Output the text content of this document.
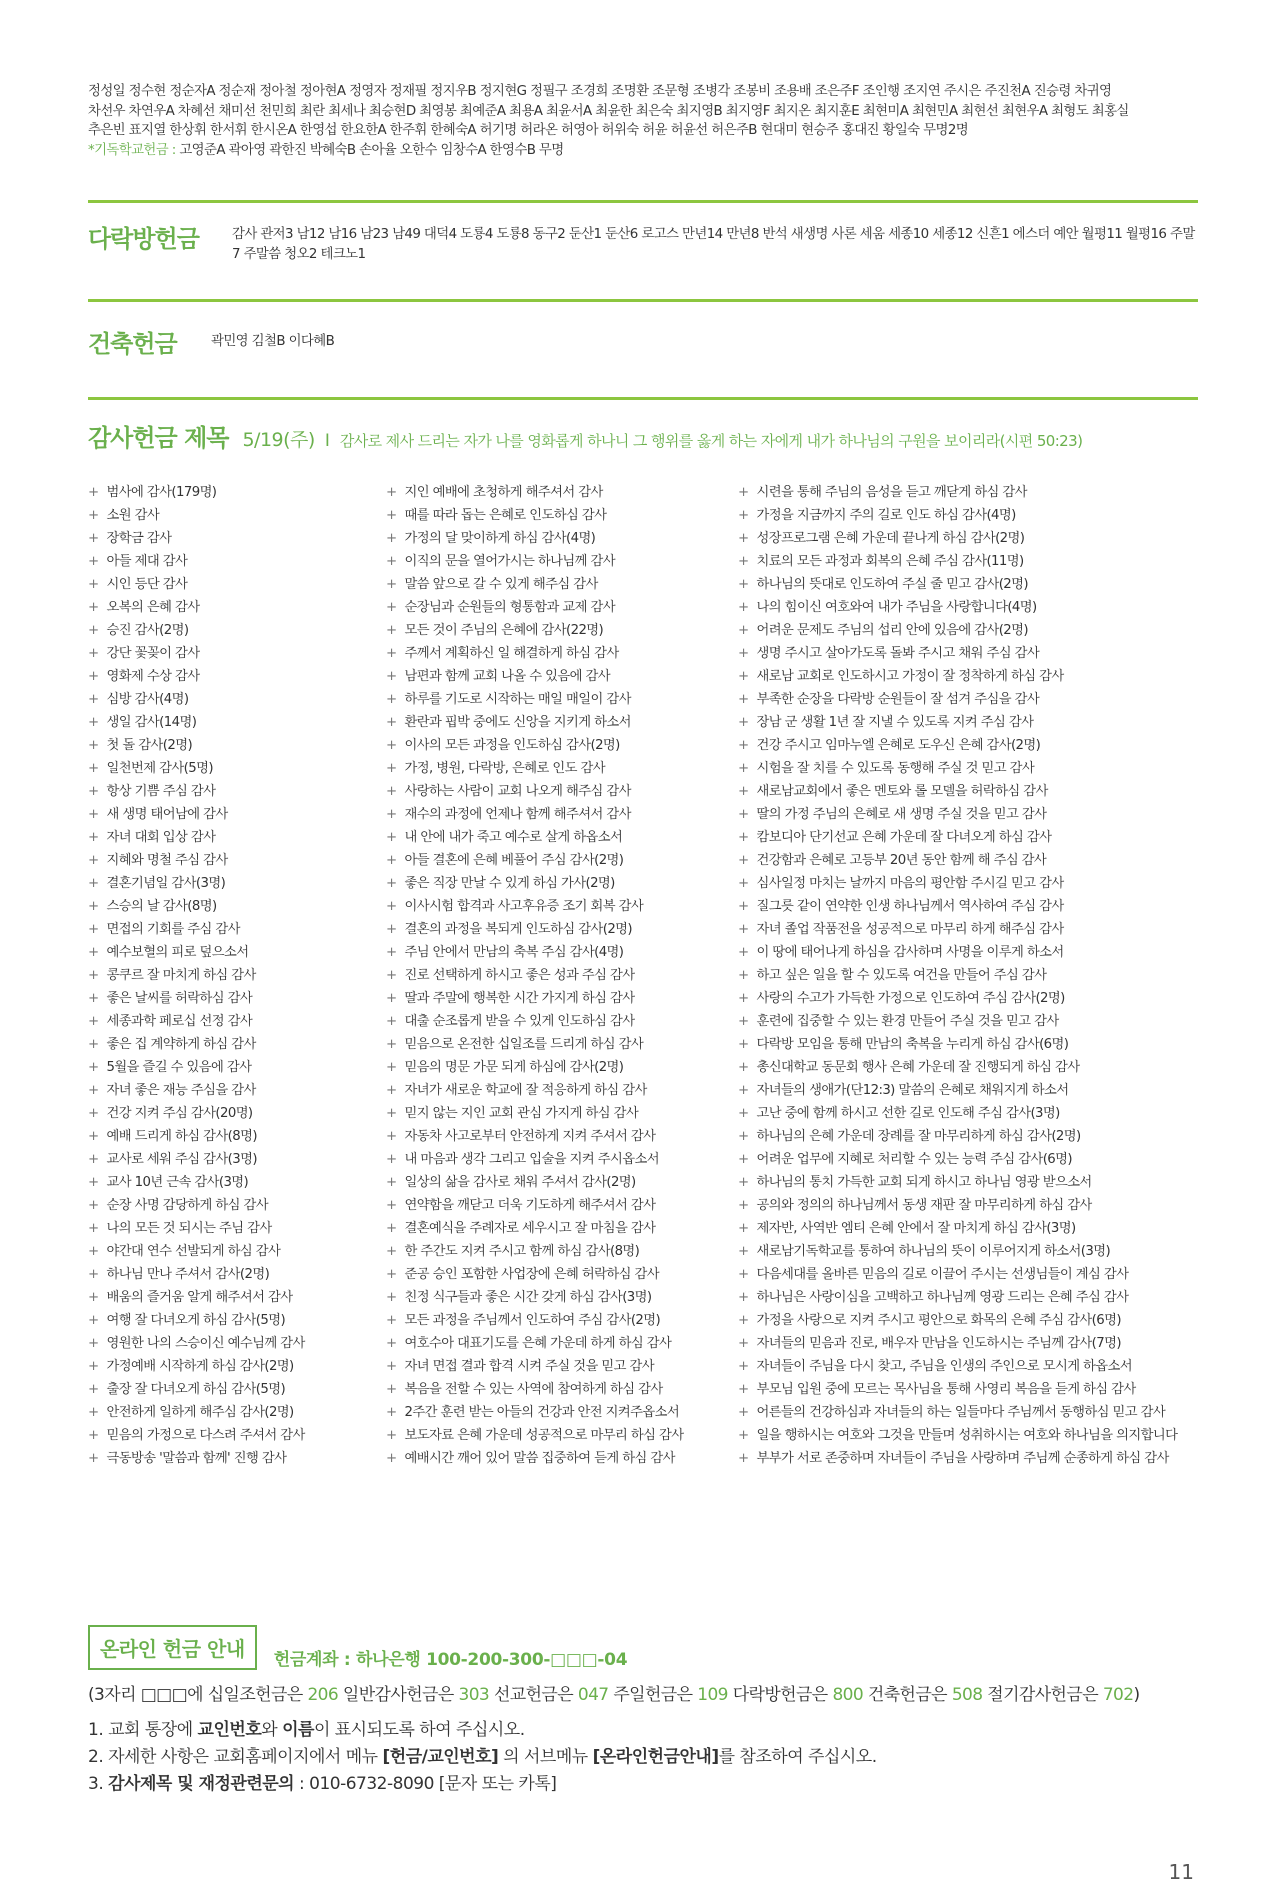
정성일 정수현 정순자A 정순재 정아철 정아현A 정영자 정재필 정지우B 정지현G 정필구 조경희 조명환 조문형 조병각 조봉비 조용배 조은주F 조인행 조지연 주시은 주진천A 진승령 차귀영

차선우 차연우A 차혜선 채미선 천민희 최란 최세나 최승현D 최영봉 최예준A 최용A 최윤서A 최윤한 최은숙 최지영B 최지영F 최지온 최지훈E 최현미A 최현민A 최현선 최현우A 최형도 최홍실

추은빈 표지열 한상휘 한서휘 한시온A 한영섭 한요한A 한주휘 한혜숙A 허기명 허라온 허영아 허위숙 허윤 허윤선 허은주B 현대미 현승주 홍대진 황일숙 무명2명

*기독학교헌금 : 고영준A 곽아영 곽한진 박혜숙B 손아율 오한수 임창수A 한영수B 무명

다락방헌금	감사 관저3 남12 남16 남23 남49 대덕4 도룡4 도룡8 동구2 둔산1 둔산6 로고스 만년14 만년8 반석 새생명 사론 세움 세종10 세종12 신흔1 에스더 예안 월평11 월평16 주말7 주말씀 청오2 테크노1
건축헌금	곽민영 김철B 이다혜B
감사헌금 제목 5/19(주) I 감사로 제사 드리는 자가 나를 영화롭게 하나니 그 행위를 옳게 하는 자에게 내가 하나님의 구원을 보이리라(시편 50:23)
+ 범사에 감사(179명)
+ 소원 감사
+ 장학금 감사
+ 아들 제대 감사
+ 시인 등단 감사
+ 오복의 은혜 감사
+ 승진 감사(2명)
+ 강단 꽃꽂이 감사
+ 영화제 수상 감사
+ 심방 감사(4명)
+ 생일 감사(14명)
+ 첫 돌 감사(2명)
+ 일천번제 감사(5명)
+ 항상 기쁨 주심 감사
+ 새 생명 태어남에 감사
+ 자녀 대회 입상 감사
+ 지혜와 명철 주심 감사
+ 결혼기념일 감사(3명)
+ 스승의 날 감사(8명)
+ 면접의 기회를 주심 감사
+ 예수보혈의 피로 덮으소서
+ 콩쿠르 잘 마치게 하심 감사
+ 좋은 날씨를 허락하심 감사
+ 세종과학 페로십 선정 감사
+ 좋은 집 계약하게 하심 감사
+ 5월을 즐길 수 있음에 감사
+ 자녀 좋은 재능 주심을 감사
+ 건강 지켜 주심 감사(20명)
+ 예배 드리게 하심 감사(8명)
+ 교사로 세워 주심 감사(3명)
+ 교사 10년 근속 감사(3명)
+ 순장 사명 감당하게 하심 감사
+ 나의 모든 것 되시는 주님 감사
+ 야간대 연수 선발되게 하심 감사
+ 하나님 만나 주셔서 감사(2명)
+ 배움의 즐거움 알게 해주셔서 감사
+ 여행 잘 다녀오게 하심 감사(5명)
+ 영원한 나의 스승이신 예수님께 감사
+ 가정예배 시작하게 하심 감사(2명)
+ 출장 잘 다녀오게 하심 감사(5명)
+ 안전하게 일하게 해주심 감사(2명)
+ 믿음의 가정으로 다스려 주셔서 감사
+ 극동방송 '말씀과 함께' 진행 감사
+ 지인 예배에 초청하게 해주셔서 감사
+ 때를 따라 돕는 은혜로 인도하심 감사
+ 가정의 달 맞이하게 하심 감사(4명)
+ 이직의 문을 열어가시는 하나님께 감사
+ 말씀 앞으로 갈 수 있게 해주심 감사
+ 순장님과 순원들의 형통함과 교제 감사
+ 모든 것이 주님의 은혜에 감사(22명)
+ 주께서 계획하신 일 해결하게 하심 감사
+ 남편과 함께 교회 나올 수 있음에 감사
+ 하루를 기도로 시작하는 매일 매일이 감사
+ 환란과 핍박 중에도 신앙을 지키게 하소서
+ 이사의 모든 과정을 인도하심 감사(2명)
+ 가정, 병원, 다락방, 은혜로 인도 감사
+ 사랑하는 사람이 교회 나오게 해주심 감사
+ 재수의 과정에 언제나 함께 해주셔서 감사
+ 내 안에 내가 죽고 예수로 살게 하옵소서
+ 아들 결혼에 은혜 베풀어 주심 감사(2명)
+ 좋은 직장 만날 수 있게 하심 가사(2명)
+ 이사시험 합격과 사고후유증 조기 회복 감사
+ 결혼의 과정을 복되게 인도하심 감사(2명)
+ 주님 안에서 만남의 축복 주심 감사(4명)
+ 진로 선택하게 하시고 좋은 성과 주심 감사
+ 딸과 주말에 행복한 시간 가지게 하심 감사
+ 대출 순조롭게 받을 수 있게 인도하심 감사
+ 믿음으로 온전한 십일조를 드리게 하심 감사
+ 믿음의 명문 가문 되게 하심에 감사(2명)
+ 자녀가 새로운 학교에 잘 적응하게 하심 감사
+ 믿지 않는 지인 교회 관심 가지게 하심 감사
+ 자동차 사고로부터 안전하게 지켜 주셔서 감사
+ 내 마음과 생각 그리고 입술을 지켜 주시옵소서
+ 일상의 삶을 감사로 채워 주셔서 감사(2명)
+ 연약함을 깨닫고 더욱 기도하게 해주셔서 감사
+ 결혼예식을 주례자로 세우시고 잘 마침을 감사
+ 한 주간도 지켜 주시고 함께 하심 감사(8명)
+ 준공 승인 포함한 사업장에 은혜 허락하심 감사
+ 친정 식구들과 좋은 시간 갖게 하심 감사(3명)
+ 모든 과정을 주님께서 인도하여 주심 감사(2명)
+ 여호수아 대표기도를 은혜 가운데 하게 하심 감사
+ 자녀 면접 결과 합격 시켜 주실 것을 믿고 감사
+ 복음을 전할 수 있는 사역에 참여하게 하심 감사
+ 2주간 훈련 받는 아들의 건강과 안전 지켜주옵소서
+ 보도자료 은혜 가운데 성공적으로 마무리 하심 감사
+ 예배시간 깨어 있어 말씀 집중하여 듣게 하심 감사
+ 시련을 통해 주님의 음성을 듣고 깨닫게 하심 감사
+ 가정을 지금까지 주의 길로 인도 하심 감사(4명)
+ 성장프로그램 은혜 가운데 끝나게 하심 감사(2명)
+ 치료의 모든 과정과 회복의 은혜 주심 감사(11명)
+ 하나님의 뜻대로 인도하여 주실 줄 믿고 감사(2명)
+ 나의 힘이신 여호와여 내가 주님을 사랑합니다(4명)
+ 어려운 문제도 주님의 섭리 안에 있음에 감사(2명)
+ 생명 주시고 살아가도록 돌봐 주시고 채워 주심 감사
+ 새로남 교회로 인도하시고 가정이 잘 정착하게 하심 감사
+ 부족한 순장을 다락방 순원들이 잘 섬겨 주심을 감사
+ 장남 군 생활 1년 잘 지낼 수 있도록 지켜 주심 감사
+ 건강 주시고 임마누엘 은혜로 도우신 은혜 감사(2명)
+ 시험을 잘 치를 수 있도록 동행해 주실 것 믿고 감사
+ 새로남교회에서 좋은 멘토와 롤 모델을 허락하심 감사
+ 딸의 가정 주님의 은혜로 새 생명 주실 것을 믿고 감사
+ 캄보디아 단기선교 은혜 가운데 잘 다녀오게 하심 감사
+ 건강함과 은혜로 고등부 20년 동안 함께 해 주심 감사
+ 심사일정 마치는 날까지 마음의 평안함 주시길 믿고 감사
+ 질그릇 같이 연약한 인생 하나님께서 역사하여 주심 감사
+ 자녀 졸업 작품전을 성공적으로 마무리 하게 해주심 감사
+ 이 땅에 태어나게 하심을 감사하며 사명을 이루게 하소서
+ 하고 싶은 일을 할 수 있도록 여건을 만들어 주심 감사
+ 사랑의 수고가 가득한 가정으로 인도하여 주심 감사(2명)
+ 훈련에 집중할 수 있는 환경 만들어 주실 것을 믿고 감사
+ 다락방 모임을 통해 만남의 축복을 누리게 하심 감사(6명)
+ 총신대학교 동문회 행사 은혜 가운데 잘 진행되게 하심 감사
+ 자녀들의 생애가(단12:3) 말씀의 은혜로 채워지게 하소서
+ 고난 중에 함께 하시고 선한 길로 인도해 주심 감사(3명)
+ 하나님의 은혜 가운데 장례를 잘 마무리하게 하심 감사(2명)
+ 어려운 업무에 지혜로 처리할 수 있는 능력 주심 감사(6명)
+ 하나님의 통치 가득한 교회 되게 하시고 하나님 영광 받으소서
+ 공의와 정의의 하나님께서 동생 재판 잘 마무리하게 하심 감사
+ 제자반, 사역반 엠티 은혜 안에서 잘 마치게 하심 감사(3명)
+ 새로남기독학교를 통하여 하나님의 뜻이 이루어지게 하소서(3명)
+ 다음세대를 올바른 믿음의 길로 이끌어 주시는 선생님들이 계심 감사
+ 하나님은 사랑이심을 고백하고 하나님께 영광 드리는 은혜 주심 감사
+ 가정을 사랑으로 지켜 주시고 평안으로 화목의 은혜 주심 감사(6명)
+ 자녀들의 믿음과 진로, 배우자 만남을 인도하시는 주님께 감사(7명)
+ 자녀들이 주님을 다시 찾고, 주님을 인생의 주인으로 모시게 하옵소서
+ 부모님 입원 중에 모르는 목사님을 통해 사영리 복음을 듣게 하심 감사
+ 어른들의 건강하심과 자녀들의 하는 일들마다 주님께서 동행하심 믿고 감사
+ 일을 행하시는 여호와 그것을 만들며 성취하시는 여호와 하나님을 의지합니다
+ 부부가 서로 존중하며 자녀들이 주님을 사랑하며 주님께 순종하게 하심 감사
온라인 헌금 안내 헌금계좌 : 하나은행 100-200-300-□□□-04
(3자리 □□□에 십일조헌금은 206 일반감사헌금은 303 선교헌금은 047 주일헌금은 109 다락방헌금은 800 건축헌금은 508 절기감사헌금은 702)

1. 교회 통장에 교인번호와 이름이 표시되도록 하여 주십시오.

2. 자세한 사항은 교회홈페이지에서 메뉴 [헌금/교인번호] 의 서브메뉴 [온라인헌금안내]를 참조하여 주십시오.

3. 감사제목 및 재정관련문의 : 010-6732-8090 [문자 또는 카톡]

11
